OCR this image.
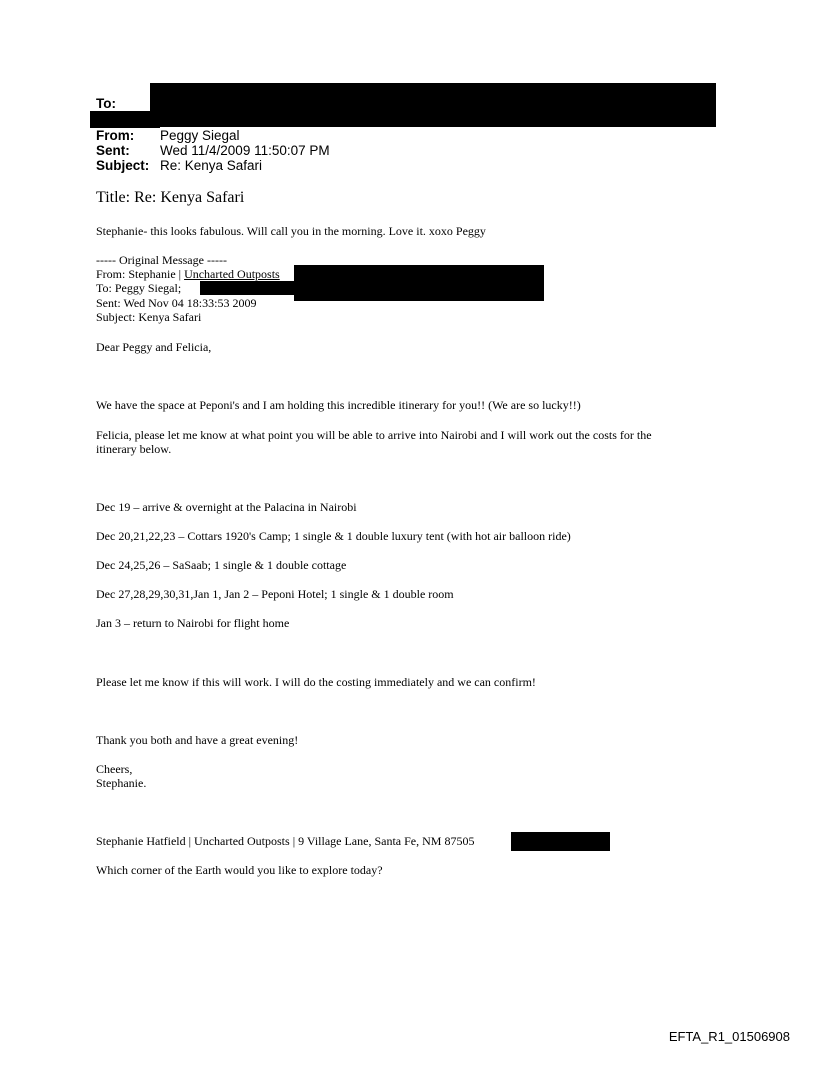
To:
From: Peggy Siegal
Sent: Wed 11/4/2009 11:50:07 PM
Subject: Re: Kenya Safari
Title: Re: Kenya Safari
Stephanie- this looks fabulous. Will call you in the morning. Love it. xoxo Peggy
----- Original Message -----
From: Stephanie | Uncharted Outposts
To: Peggy Siegal;
Sent: Wed Nov 04 18:33:53 2009
Subject: Kenya Safari
Dear Peggy and Felicia,
We have the space at Peponi's and I am holding this incredible itinerary for you!! (We are so lucky!!)
Felicia, please let me know at what point you will be able to arrive into Nairobi and I will work out the costs for the
itinerary below.
Dec 19 – arrive & overnight at the Palacina in Nairobi
Dec 20,21,22,23 – Cottars 1920's Camp; 1 single & 1 double luxury tent (with hot air balloon ride)
Dec 24,25,26 – SaSaab; 1 single & 1 double cottage
Dec 27,28,29,30,31,Jan 1, Jan 2 – Peponi Hotel; 1 single & 1 double room
Jan 3 – return to Nairobi for flight home
Please let me know if this will work. I will do the costing immediately and we can confirm!
Thank you both and have a great evening!
Cheers,
Stephanie.
Stephanie Hatfield | Uncharted Outposts | 9 Village Lane, Santa Fe, NM 87505
Which corner of the Earth would you like to explore today?
EFTA_R1_01506908
